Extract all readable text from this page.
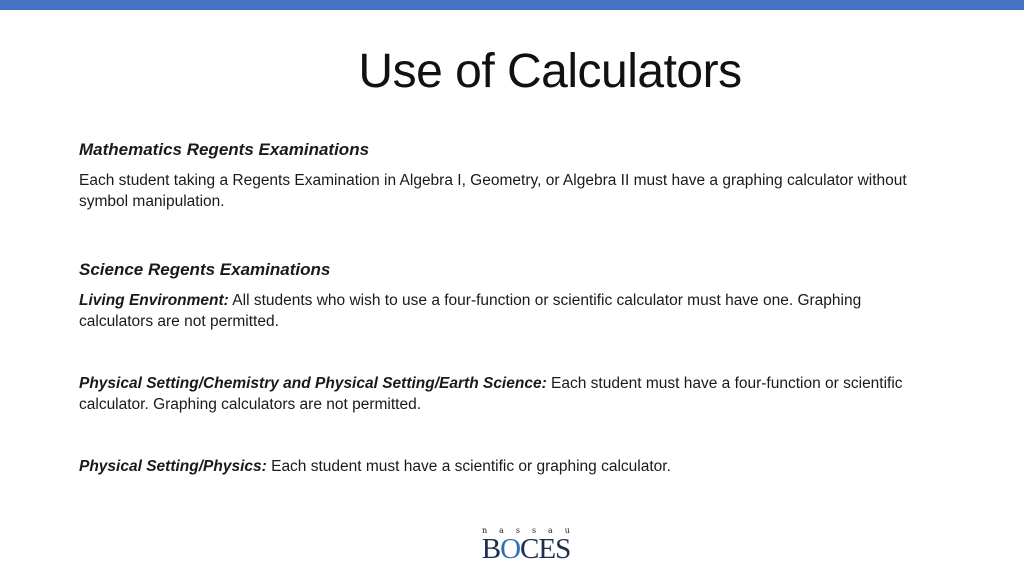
Use of Calculators

Mathematics Regents Examinations

Each student taking a Regents Examination in Algebra I, Geometry, or Algebra II must have a graphing calculator without symbol manipulation.

Science Regents Examinations

Living Environment: All students who wish to use a four-function or scientific calculator must have one. Graphing calculators are not permitted.

Physical Setting/Chemistry and Physical Setting/Earth Science: Each student must have a four-function or scientific calculator. Graphing calculators are not permitted.

Physical Setting/Physics: Each student must have a scientific or graphing calculator.

n a s s a u
BOCES
